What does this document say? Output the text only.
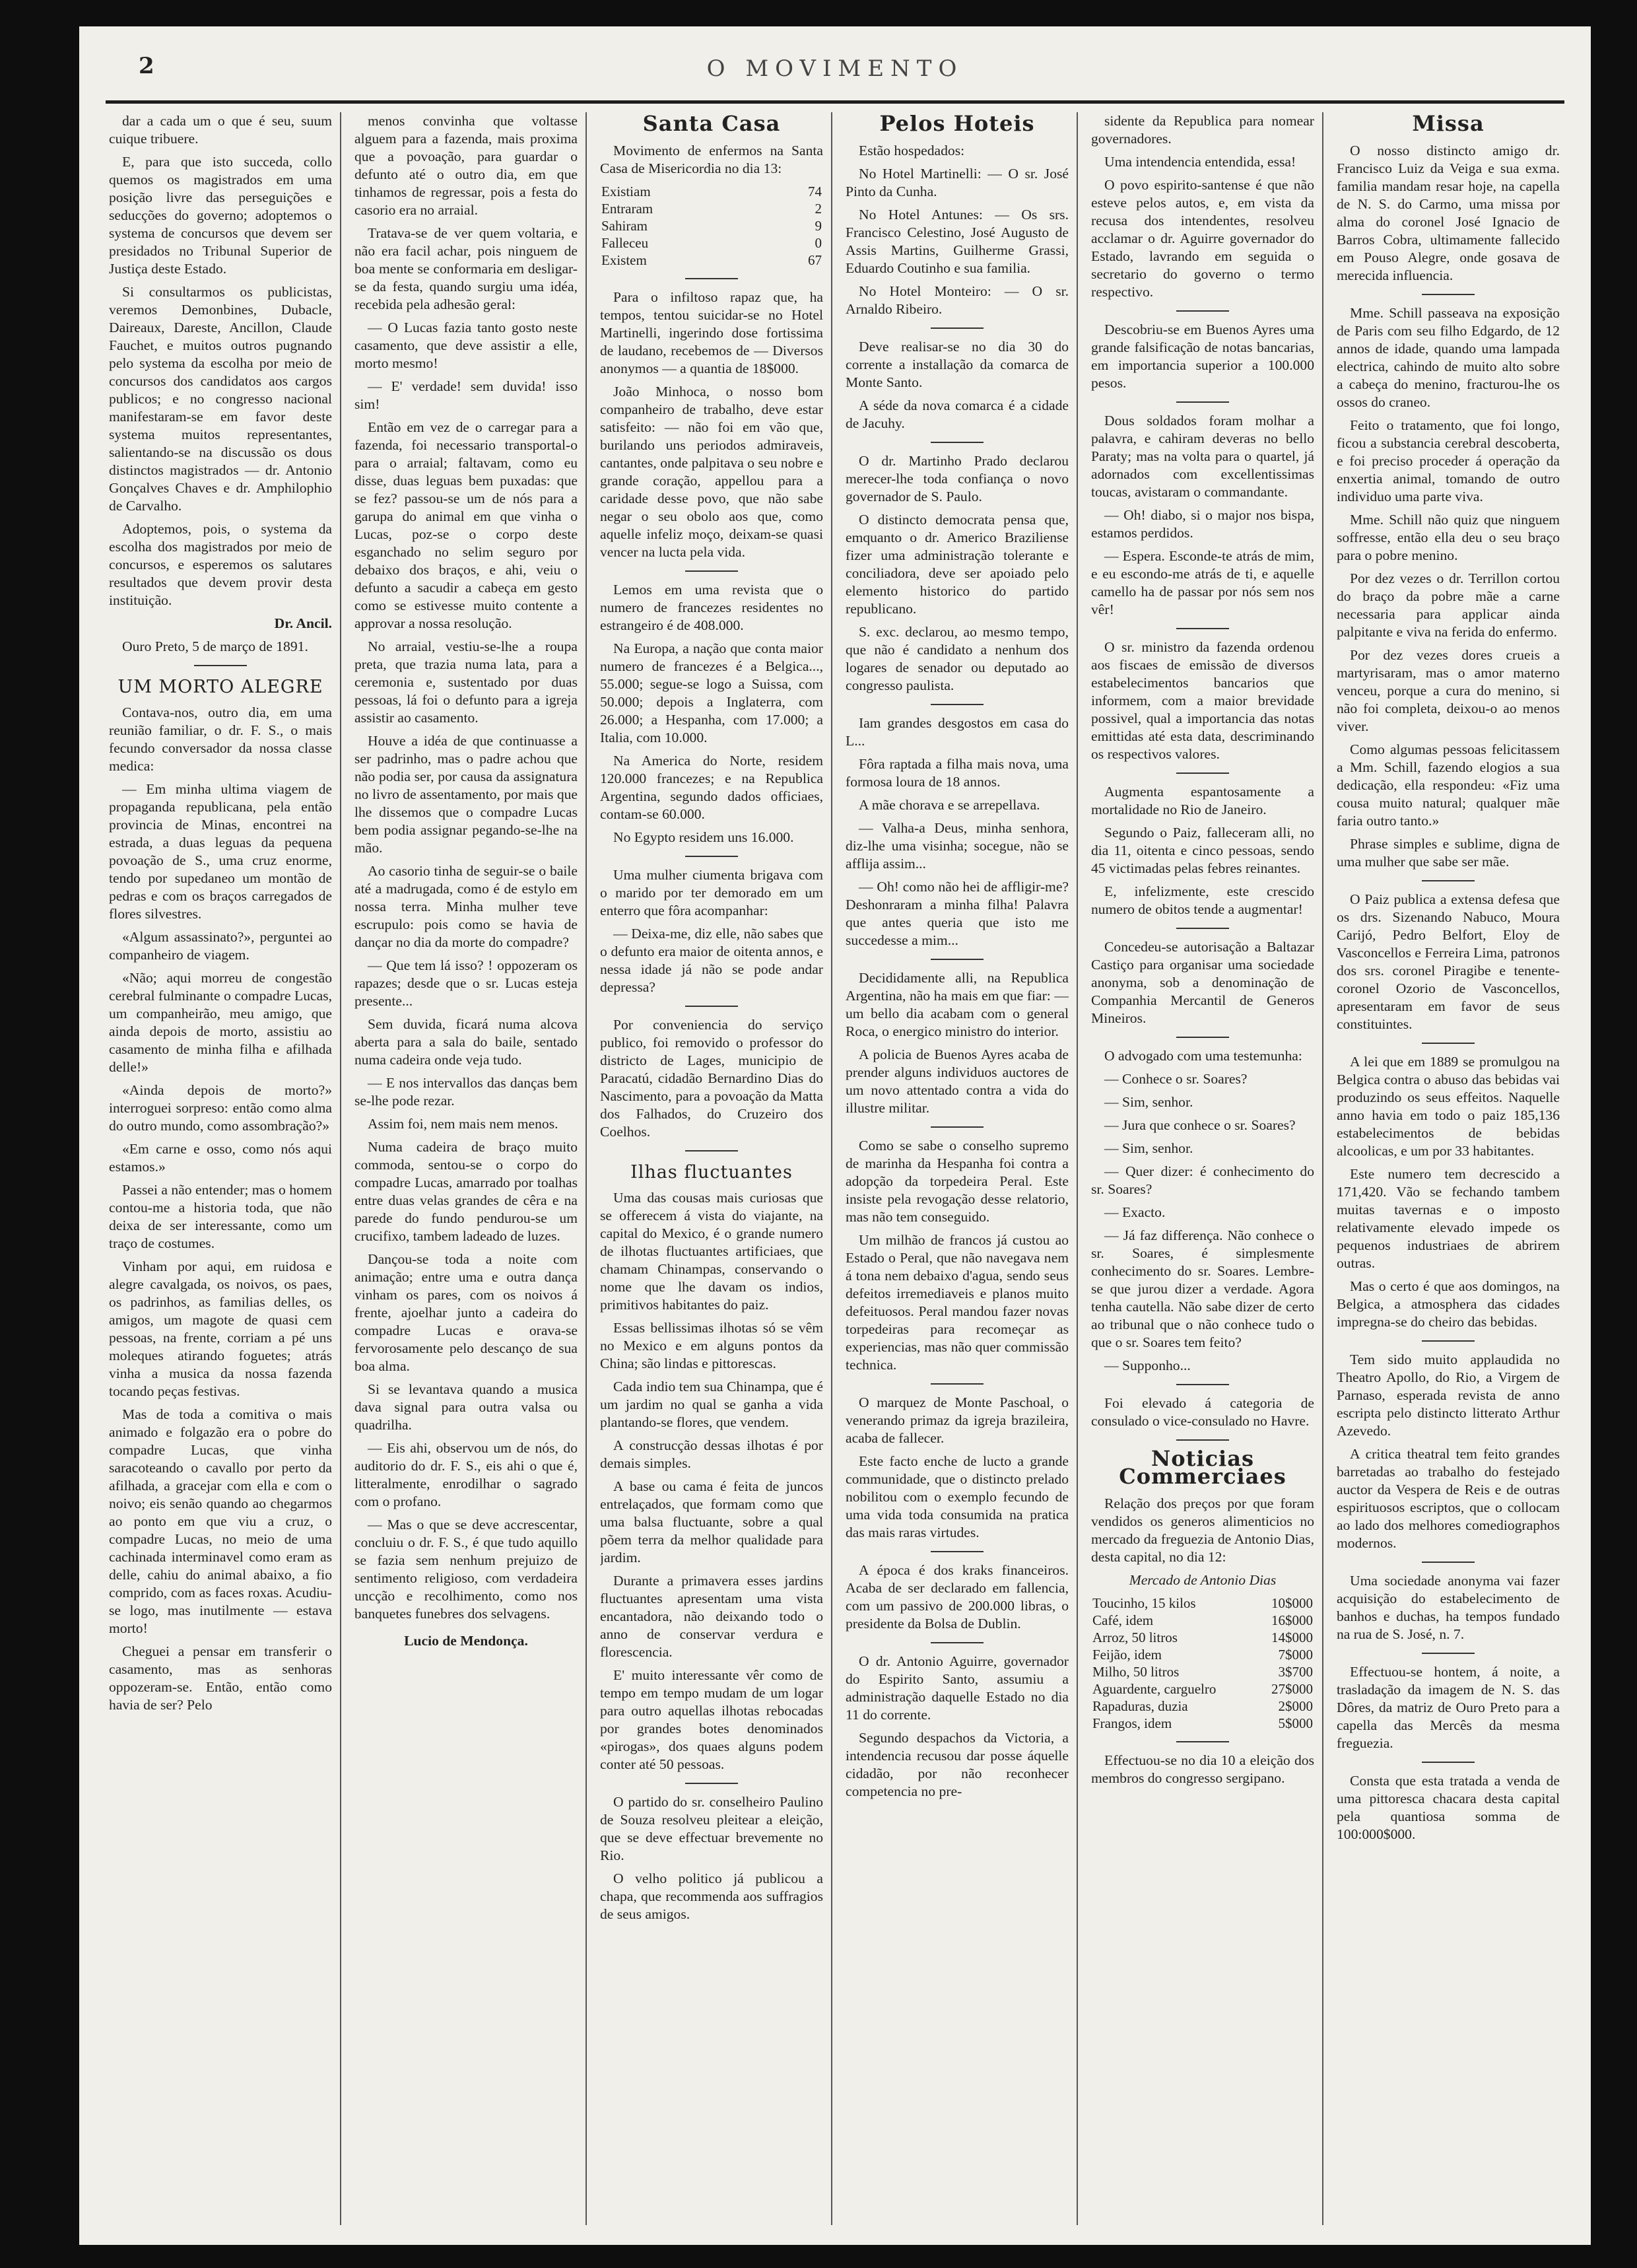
2	O MOVIMENTO

dar a cada um o que é seu, suum cuique tribuere.

E, para que isto succeda, collo quemos os magistrados em uma posição livre das perseguições e seducções do governo; adoptemos o systema de concursos que devem ser presidados no Tribunal Superior de Justiça deste Estado.

Si consultarmos os publicistas, veremos Demonbines, Dubacle, Daireaux, Dareste, Ancillon, Claude Fauchet, e muitos outros pugnando pelo systema da escolha por meio de concursos dos candidatos aos cargos publicos; e no congresso nacional manifestaram-se em favor deste systema muitos representantes, salientando-se na discussão os dous distinctos magistrados — dr. Antonio Gonçalves Chaves e dr. Amphilophio de Carvalho.

Adoptemos, pois, o systema da escolha dos magistrados por meio de concursos, e esperemos os salutares resultados que devem provir desta instituição.

Dr. Ancil.

Ouro Preto, 5 de março de 1891.

UM MORTO ALEGRE

Contava-nos, outro dia, em uma reunião familiar, o dr. F. S., o mais fecundo conversador da nossa classe medica:

— Em minha ultima viagem de propaganda republicana, pela então provincia de Minas, encontrei na estrada, a duas leguas da pequena povoação de S., uma cruz enorme, tendo por supedaneo um montão de pedras e com os braços carregados de flores silvestres.

«Algum assassinato?», perguntei ao companheiro de viagem.

«Não; aqui morreu de congestão cerebral fulminante o compadre Lucas, um companheirão, meu amigo, que ainda depois de morto, assistiu ao casamento de minha filha e afilhada delle!»

«Ainda depois de morto?» interroguei sorpreso: então como alma do outro mundo, como assombração?»

«Em carne e osso, como nós aqui estamos.»

Passei a não entender; mas o homem contou-me a historia toda, que não deixa de ser interessante, como um traço de costumes.

Vinham por aqui, em ruidosa e alegre cavalgada, os noivos, os paes, os padrinhos, as familias delles, os amigos, um magote de quasi cem pessoas, na frente, corriam a pé uns moleques atirando foguetes; atrás vinha a musica da nossa fazenda tocando peças festivas.

Mas de toda a comitiva o mais animado e folgazão era o pobre do compadre Lucas, que vinha saracoteando o cavallo por perto da afilhada, a gracejar com ella e com o noivo; eis senão quando ao chegarmos ao ponto em que viu a cruz, o compadre Lucas, no meio de uma cachinada interminavel como eram as delle, cahiu do animal abaixo, a fio comprido, com as faces roxas. Acudiu-se logo, mas inutilmente — estava morto!

Cheguei a pensar em transferir o casamento, mas as senhoras oppozeram-se. Então, então como havia de ser? Pelo

menos convinha que voltasse alguem para a fazenda, mais proxima que a povoação, para guardar o defunto até o outro dia, em que tinhamos de regressar, pois a festa do casorio era no arraial.

Tratava-se de ver quem voltaria, e não era facil achar, pois ninguem de boa mente se conformaria em desligar-se da festa, quando surgiu uma idéa, recebida pela adhesão geral:

— O Lucas fazia tanto gosto neste casamento, que deve assistir a elle, morto mesmo!

— E' verdade! sem duvida! isso sim!

Então em vez de o carregar para a fazenda, foi necessario transportal-o para o arraial; faltavam, como eu disse, duas leguas bem puxadas: que se fez? passou-se um de nós para a garupa do animal em que vinha o Lucas, poz-se o corpo deste esganchado no selim seguro por debaixo dos braços, e ahi, veiu o defunto a sacudir a cabeça em gesto como se estivesse muito contente a approvar a nossa resolução.

No arraial, vestiu-se-lhe a roupa preta, que trazia numa lata, para a ceremonia e, sustentado por duas pessoas, lá foi o defunto para a igreja assistir ao casamento.

Houve a idéa de que continuasse a ser padrinho, mas o padre achou que não podia ser, por causa da assignatura no livro de assentamento, por mais que lhe dissemos que o compadre Lucas bem podia assignar pegando-se-lhe na mão.

Ao casorio tinha de seguir-se o baile até a madrugada, como é de estylo em nossa terra. Minha mulher teve escrupulo: pois como se havia de dançar no dia da morte do compadre?

— Que tem lá isso? ! oppozeram os rapazes; desde que o sr. Lucas esteja presente...

Sem duvida, ficará numa alcova aberta para a sala do baile, sentado numa cadeira onde veja tudo.

— E nos intervallos das danças bem se-lhe pode rezar.

Assim foi, nem mais nem menos.

Numa cadeira de braço muito commoda, sentou-se o corpo do compadre Lucas, amarrado por toalhas entre duas velas grandes de cêra e na parede do fundo pendurou-se um crucifixo, tambem ladeado de luzes.

Dançou-se toda a noite com animação; entre uma e outra dança vinham os pares, com os noivos á frente, ajoelhar junto a cadeira do compadre Lucas e orava-se fervorosamente pelo descanço de sua boa alma.

Si se levantava quando a musica dava signal para outra valsa ou quadrilha.

— Eis ahi, observou um de nós, do auditorio do dr. F. S., eis ahi o que é, litteralmente, enrodilhar o sagrado com o profano.

— Mas o que se deve accrescentar, concluiu o dr. F. S., é que tudo aquillo se fazia sem nenhum prejuizo de sentimento religioso, com verdadeira uncção e recolhimento, como nos banquetes funebres dos selvagens.

Lucio de Mendonça.
Santa Casa

Movimento de enfermos na Santa Casa de Misericordia no dia 13:

Existiam	74
Entraram	2
Sahiram	9
Falleceu	0
Existem	67

Para o infiltoso rapaz que, ha tempos, tentou suicidar-se no Hotel Martinelli, ingerindo dose fortissima de laudano, recebemos de — Diversos anonymos — a quantia de 18$000.

João Minhoca, o nosso bom companheiro de trabalho, deve estar satisfeito: — não foi em vão que, burilando uns periodos admiraveis, cantantes, onde palpitava o seu nobre e grande coração, appellou para a caridade desse povo, que não sabe negar o seu obolo aos que, como aquelle infeliz moço, deixam-se quasi vencer na lucta pela vida.

Lemos em uma revista que o numero de francezes residentes no estrangeiro é de 408.000.

Na Europa, a nação que conta maior numero de francezes é a Belgica..., 55.000; segue-se logo a Suissa, com 50.000; depois a Inglaterra, com 26.000; a Hespanha, com 17.000; a Italia, com 10.000.

Na America do Norte, residem 120.000 francezes; e na Republica Argentina, segundo dados officiaes, contam-se 60.000.

No Egypto residem uns 16.000.

Uma mulher ciumenta brigava com o marido por ter demorado em um enterro que fôra acompanhar:

— Deixa-me, diz elle, não sabes que o defunto era maior de oitenta annos, e nessa idade já não se pode andar depressa?

Por conveniencia do serviço publico, foi removido o professor do districto de Lages, municipio de Paracatú, cidadão Bernardino Dias do Nascimento, para a povoação da Matta dos Falhados, do Cruzeiro dos Coelhos.

Ilhas fluctuantes

Uma das cousas mais curiosas que se offerecem á vista do viajante, na capital do Mexico, é o grande numero de ilhotas fluctuantes artificiaes, que chamam Chinampas, conservando o nome que lhe davam os indios, primitivos habitantes do paiz.

Essas bellissimas ilhotas só se vêm no Mexico e em alguns pontos da China; são lindas e pittorescas.

Cada indio tem sua Chinampa, que é um jardim no qual se ganha a vida plantando-se flores, que vendem.

A construcção dessas ilhotas é por demais simples.

A base ou cama é feita de juncos entrelaçados, que formam como que uma balsa fluctuante, sobre a qual põem terra da melhor qualidade para jardim.

Durante a primavera esses jardins fluctuantes apresentam uma vista encantadora, não deixando todo o anno de conservar verdura e florescencia.

E' muito interessante vêr como de tempo em tempo mudam de um logar para outro aquellas ilhotas rebocadas por grandes botes denominados «pirogas», dos quaes alguns podem conter até 50 pessoas.

O partido do sr. conselheiro Paulino de Souza resolveu pleitear a eleição, que se deve effectuar brevemente no Rio.

O velho politico já publicou a chapa, que recommenda aos suffragios de seus amigos.

Pelos Hoteis

Estão hospedados:

No Hotel Martinelli: — O sr. José Pinto da Cunha.

No Hotel Antunes: — Os srs. Francisco Celestino, José Augusto de Assis Martins, Guilherme Grassi, Eduardo Coutinho e sua familia.

No Hotel Monteiro: — O sr. Arnaldo Ribeiro.

Deve realisar-se no dia 30 do corrente a installação da comarca de Monte Santo.

A séde da nova comarca é a cidade de Jacuhy.

O dr. Martinho Prado declarou merecer-lhe toda confiança o novo governador de S. Paulo.

O distincto democrata pensa que, emquanto o dr. Americo Braziliense fizer uma administração tolerante e conciliadora, deve ser apoiado pelo elemento historico do partido republicano.

S. exc. declarou, ao mesmo tempo, que não é candidato a nenhum dos logares de senador ou deputado ao congresso paulista.

Iam grandes desgostos em casa do L...

Fôra raptada a filha mais nova, uma formosa loura de 18 annos.

A mãe chorava e se arrepellava.

— Valha-a Deus, minha senhora, diz-lhe uma visinha; socegue, não se afflija assim...

— Oh! como não hei de affligir-me? Deshonraram a minha filha! Palavra que antes queria que isto me succedesse a mim...

Decididamente alli, na Republica Argentina, não ha mais em que fiar: — um bello dia acabam com o general Roca, o energico ministro do interior.

A policia de Buenos Ayres acaba de prender alguns individuos auctores de um novo attentado contra a vida do illustre militar.

Como se sabe o conselho supremo de marinha da Hespanha foi contra a adopção da torpedeira Peral. Este insiste pela revogação desse relatorio, mas não tem conseguido.

Um milhão de francos já custou ao Estado o Peral, que não navegava nem á tona nem debaixo d'agua, sendo seus defeitos irremediaveis e planos muito defeituosos. Peral mandou fazer novas torpedeiras para recomeçar as experiencias, mas não quer commissão technica.

O marquez de Monte Paschoal, o venerando primaz da igreja brazileira, acaba de fallecer.

Este facto enche de lucto a grande communidade, que o distincto prelado nobilitou com o exemplo fecundo de uma vida toda consumida na pratica das mais raras virtudes.

A época é dos kraks financeiros. Acaba de ser declarado em fallencia, com um passivo de 200.000 libras, o presidente da Bolsa de Dublin.

O dr. Antonio Aguirre, governador do Espirito Santo, assumiu a administração daquelle Estado no dia 11 do corrente.

Segundo despachos da Victoria, a intendencia recusou dar posse áquelle cidadão, por não reconhecer competencia no pre-

sidente da Republica para nomear governadores.

Uma intendencia entendida, essa!

O povo espirito-santense é que não esteve pelos autos, e, em vista da recusa dos intendentes, resolveu acclamar o dr. Aguirre governador do Estado, lavrando em seguida o secretario do governo o termo respectivo.

Descobriu-se em Buenos Ayres uma grande falsificação de notas bancarias, em importancia superior a 100.000 pesos.

Dous soldados foram molhar a palavra, e cahiram deveras no bello Paraty; mas na volta para o quartel, já adornados com excellentissimas toucas, avistaram o commandante.

— Oh! diabo, si o major nos bispa, estamos perdidos.

— Espera. Esconde-te atrás de mim, e eu escondo-me atrás de ti, e aquelle camello ha de passar por nós sem nos vêr!

O sr. ministro da fazenda ordenou aos fiscaes de emissão de diversos estabelecimentos bancarios que informem, com a maior brevidade possivel, qual a importancia das notas emittidas até esta data, descriminando os respectivos valores.

Augmenta espantosamente a mortalidade no Rio de Janeiro.

Segundo o Paiz, falleceram alli, no dia 11, oitenta e cinco pessoas, sendo 45 victimadas pelas febres reinantes.

E, infelizmente, este crescido numero de obitos tende a augmentar!

Concedeu-se autorisação a Baltazar Castiço para organisar uma sociedade anonyma, sob a denominação de Companhia Mercantil de Generos Mineiros.

O advogado com uma testemunha:

— Conhece o sr. Soares?

— Sim, senhor.

— Jura que conhece o sr. Soares?

— Sim, senhor.

— Quer dizer: é conhecimento do sr. Soares?

— Exacto.

— Já faz differença. Não conhece o sr. Soares, é simplesmente conhecimento do sr. Soares. Lembre-se que jurou dizer a verdade. Agora tenha cautella. Não sabe dizer de certo ao tribunal que o não conhece tudo o que o sr. Soares tem feito?

— Supponho...

Foi elevado á categoria de consulado o vice-consulado no Havre.

Noticias Commerciaes

Relação dos preços por que foram vendidos os generos alimenticios no mercado da freguezia de Antonio Dias, desta capital, no dia 12:

Mercado de Antonio Dias

Toucinho, 15 kilos	10$000
Café, idem	16$000
Arroz, 50 litros	14$000
Feijão, idem	7$000
Milho, 50 litros	3$700
Aguardente, carguelro	27$000
Rapaduras, duzia	2$000
Frangos, idem	5$000

Effectuou-se no dia 10 a eleição dos membros do congresso sergipano.

Missa

O nosso distincto amigo dr. Francisco Luiz da Veiga e sua exma. familia mandam resar hoje, na capella de N. S. do Carmo, uma missa por alma do coronel José Ignacio de Barros Cobra, ultimamente fallecido em Pouso Alegre, onde gosava de merecida influencia.

Mme. Schill passeava na exposição de Paris com seu filho Edgardo, de 12 annos de idade, quando uma lampada electrica, cahindo de muito alto sobre a cabeça do menino, fracturou-lhe os ossos do craneo.

Feito o tratamento, que foi longo, ficou a substancia cerebral descoberta, e foi preciso proceder á operação da enxertia animal, tomando de outro individuo uma parte viva.

Mme. Schill não quiz que ninguem soffresse, então ella deu o seu braço para o pobre menino.

Por dez vezes o dr. Terrillon cortou do braço da pobre mãe a carne necessaria para applicar ainda palpitante e viva na ferida do enfermo.

Por dez vezes dores crueis a martyrisaram, mas o amor materno venceu, porque a cura do menino, si não foi completa, deixou-o ao menos viver.

Como algumas pessoas felicitassem a Mm. Schill, fazendo elogios a sua dedicação, ella respondeu: «Fiz uma cousa muito natural; qualquer mãe faria outro tanto.»

Phrase simples e sublime, digna de uma mulher que sabe ser mãe.

O Paiz publica a extensa defesa que os drs. Sizenando Nabuco, Moura Carijó, Pedro Belfort, Eloy de Vasconcellos e Ferreira Lima, patronos dos srs. coronel Piragibe e tenente-coronel Ozorio de Vasconcellos, apresentaram em favor de seus constituintes.

A lei que em 1889 se promulgou na Belgica contra o abuso das bebidas vai produzindo os seus effeitos. Naquelle anno havia em todo o paiz 185,136 estabelecimentos de bebidas alcoolicas, e um por 33 habitantes.

Este numero tem decrescido a 171,420. Vão se fechando tambem muitas tavernas e o imposto relativamente elevado impede os pequenos industriaes de abrirem outras.

Mas o certo é que aos domingos, na Belgica, a atmosphera das cidades impregna-se do cheiro das bebidas.

Tem sido muito applaudida no Theatro Apollo, do Rio, a Virgem de Parnaso, esperada revista de anno escripta pelo distincto litterato Arthur Azevedo.

A critica theatral tem feito grandes barretadas ao trabalho do festejado auctor da Vespera de Reis e de outras espirituosos escriptos, que o collocam ao lado dos melhores comediographos modernos.

Uma sociedade anonyma vai fazer acquisição do estabelecimento de banhos e duchas, ha tempos fundado na rua de S. José, n. 7.

Effectuou-se hontem, á noite, a trasladação da imagem de N. S. das Dôres, da matriz de Ouro Preto para a capella das Mercês da mesma freguezia.

Consta que esta tratada a venda de uma pittoresca chacara desta capital pela quantiosa somma de 100:000$000.
